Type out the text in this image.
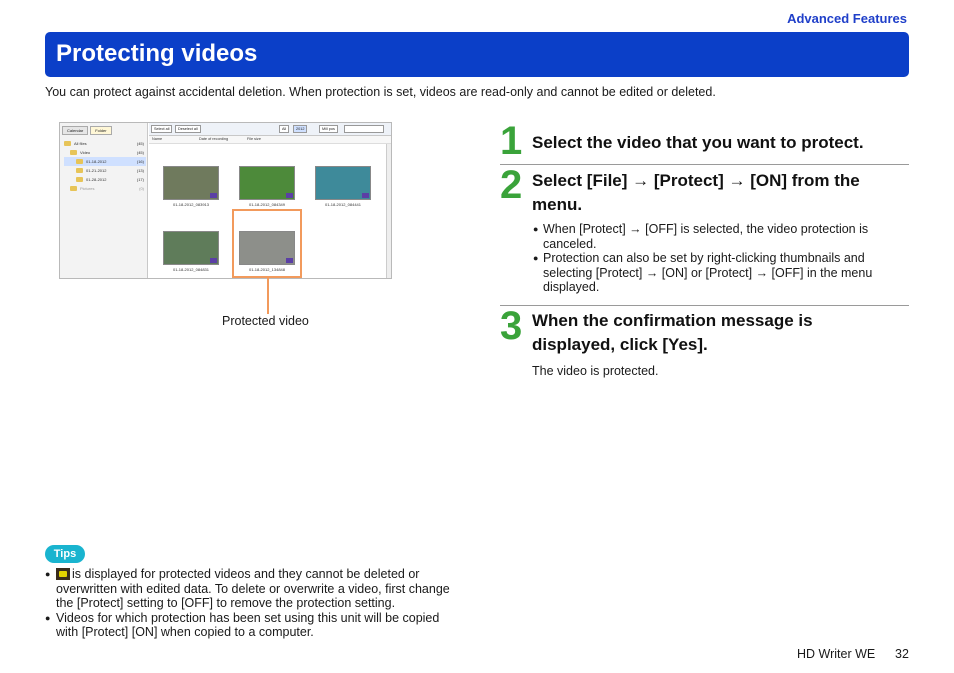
Advanced Features
Protecting videos

You can protect against accidental deletion. When protection is set, videos are read-only and cannot be edited or deleted.

Calendar	Folder
All files	(45)
Video	(45)
01-18-2012	(16)
01-21-2012	(13)
01-28-2012	(17)
Pictures	(0)
Select all	Deselect all	All	2012	Mill pos
Name	Date of recording	File size
01-18-2012_083913	01-18-2012_084349	01-18-2012_084441
01-18-2012_084831	01-18-2012_134848
Protected video
1 Select the video that you want to protect.
2 Select [File] → [Protect] → [ON] from the
menu.
● When [Protect] → [OFF] is selected, the video protection is canceled.
● Protection can also be set by right-clicking thumbnails and selecting [Protect] → [ON] or [Protect] → [OFF] in the menu displayed.
3 When the confirmation message is
displayed, click [Yes].
The video is protected.
Tips
● is displayed for protected videos and they cannot be deleted or overwritten with edited data. To delete or overwrite a video, first change the [Protect] setting to [OFF] to remove the protection setting.
● Videos for which protection has been set using this unit will be copied with [Protect] [ON] when copied to a computer.
HD Writer WE 32
